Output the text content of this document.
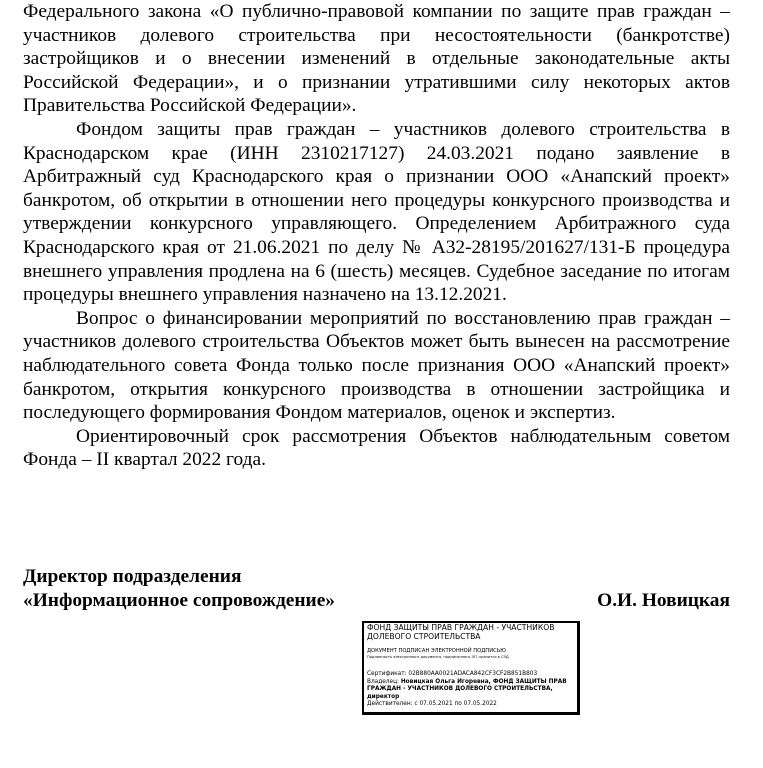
Федерального закона «О публично-правовой компании по защите прав граждан – участников долевого строительства при несостоятельности (банкротстве) застройщиков и о внесении изменений в отдельные законодательные акты Российской Федерации», и о признании утратившими силу некоторых актов Правительства Российской Федерации».

Фондом защиты прав граждан – участников долевого строительства в Краснодарском крае (ИНН 2310217127) 24.03.2021 подано заявление в Арбитражный суд Краснодарского края о признании ООО «Анапский проект» банкротом, об открытии в отношении него процедуры конкурсного производства и утверждении конкурсного управляющего. Определением Арбитражного суда Краснодарского края от 21.06.2021 по делу № А32-28195/201627/131-Б процедура внешнего управления продлена на 6 (шесть) месяцев. Судебное заседание по итогам процедуры внешнего управления назначено на 13.12.2021.

Вопрос о финансировании мероприятий по восстановлению прав граждан – участников долевого строительства Объектов может быть вынесен на рассмотрение наблюдательного совета Фонда только после признания ООО «Анапский проект» банкротом, открытия конкурсного производства в отношении застройщика и последующего формирования Фондом материалов, оценок и экспертиз.

Ориентировочный срок рассмотрения Объектов наблюдательным советом Фонда – II квартал 2022 года.

Директор подразделения
«Информационное сопровождение»	О.И. Новицкая

ФОНД ЗАЩИТЫ ПРАВ ГРАЖДАН - УЧАСТНИКОВ ДОЛЕВОГО СТРОИТЕЛЬСТВА

ДОКУМЕНТ ПОДПИСАН ЭЛЕКТРОННОЙ ПОДПИСЬЮ
Подлинность электронного документа, подписанного ЭП, хранится в СЭД
Сертификат: 02B880AA0021ADACA842CF3CF2B851B803
Владелец: Новицкая Ольга Игоревна, ФОНД ЗАЩИТЫ ПРАВ ГРАЖДАН - УЧАСТНИКОВ ДОЛЕВОГО СТРОИТЕЛЬСТВА, директор
Действителен: с 07.05.2021 по 07.05.2022
